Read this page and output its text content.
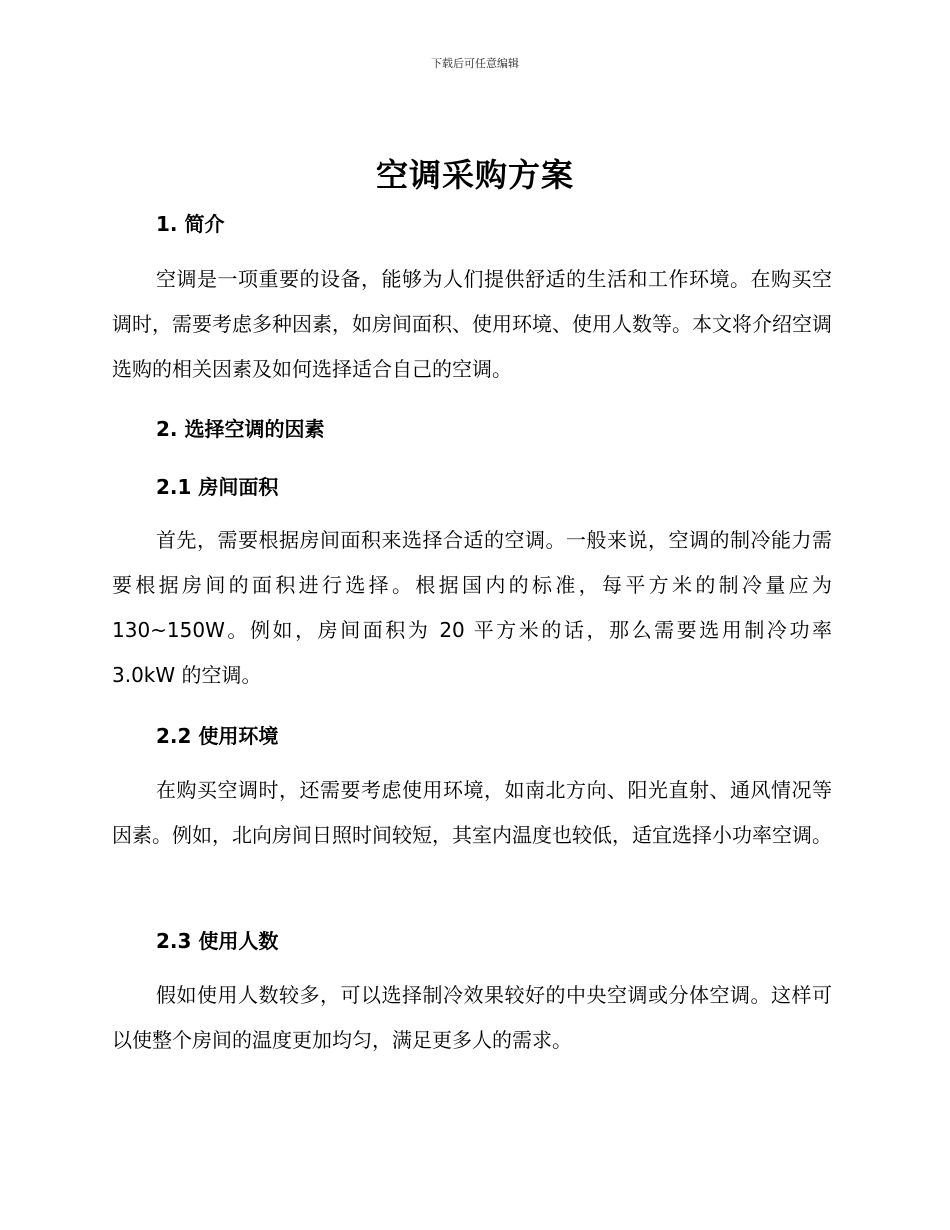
下载后可任意编辑
空调采购方案
1. 简介

空调是一项重要的设备，能够为人们提供舒适的生活和工作环境。在购买空调时，需要考虑多种因素，如房间面积、使用环境、使用人数等。本文将介绍空调选购的相关因素及如何选择适合自己的空调。

2. 选择空调的因素
2.1 房间面积

首先，需要根据房间面积来选择合适的空调。一般来说，空调的制冷能力需要根据房间的面积进行选择。根据国内的标准，每平方米的制冷量应为130~150W。例如，房间面积为 20 平方米的话，那么需要选用制冷功率 3.0kW 的空调。

2.2 使用环境

在购买空调时，还需要考虑使用环境，如南北方向、阳光直射、通风情况等因素。例如，北向房间日照时间较短，其室内温度也较低，适宜选择小功率空调。

2.3 使用人数

假如使用人数较多，可以选择制冷效果较好的中央空调或分体空调。这样可以使整个房间的温度更加均匀，满足更多人的需求。
